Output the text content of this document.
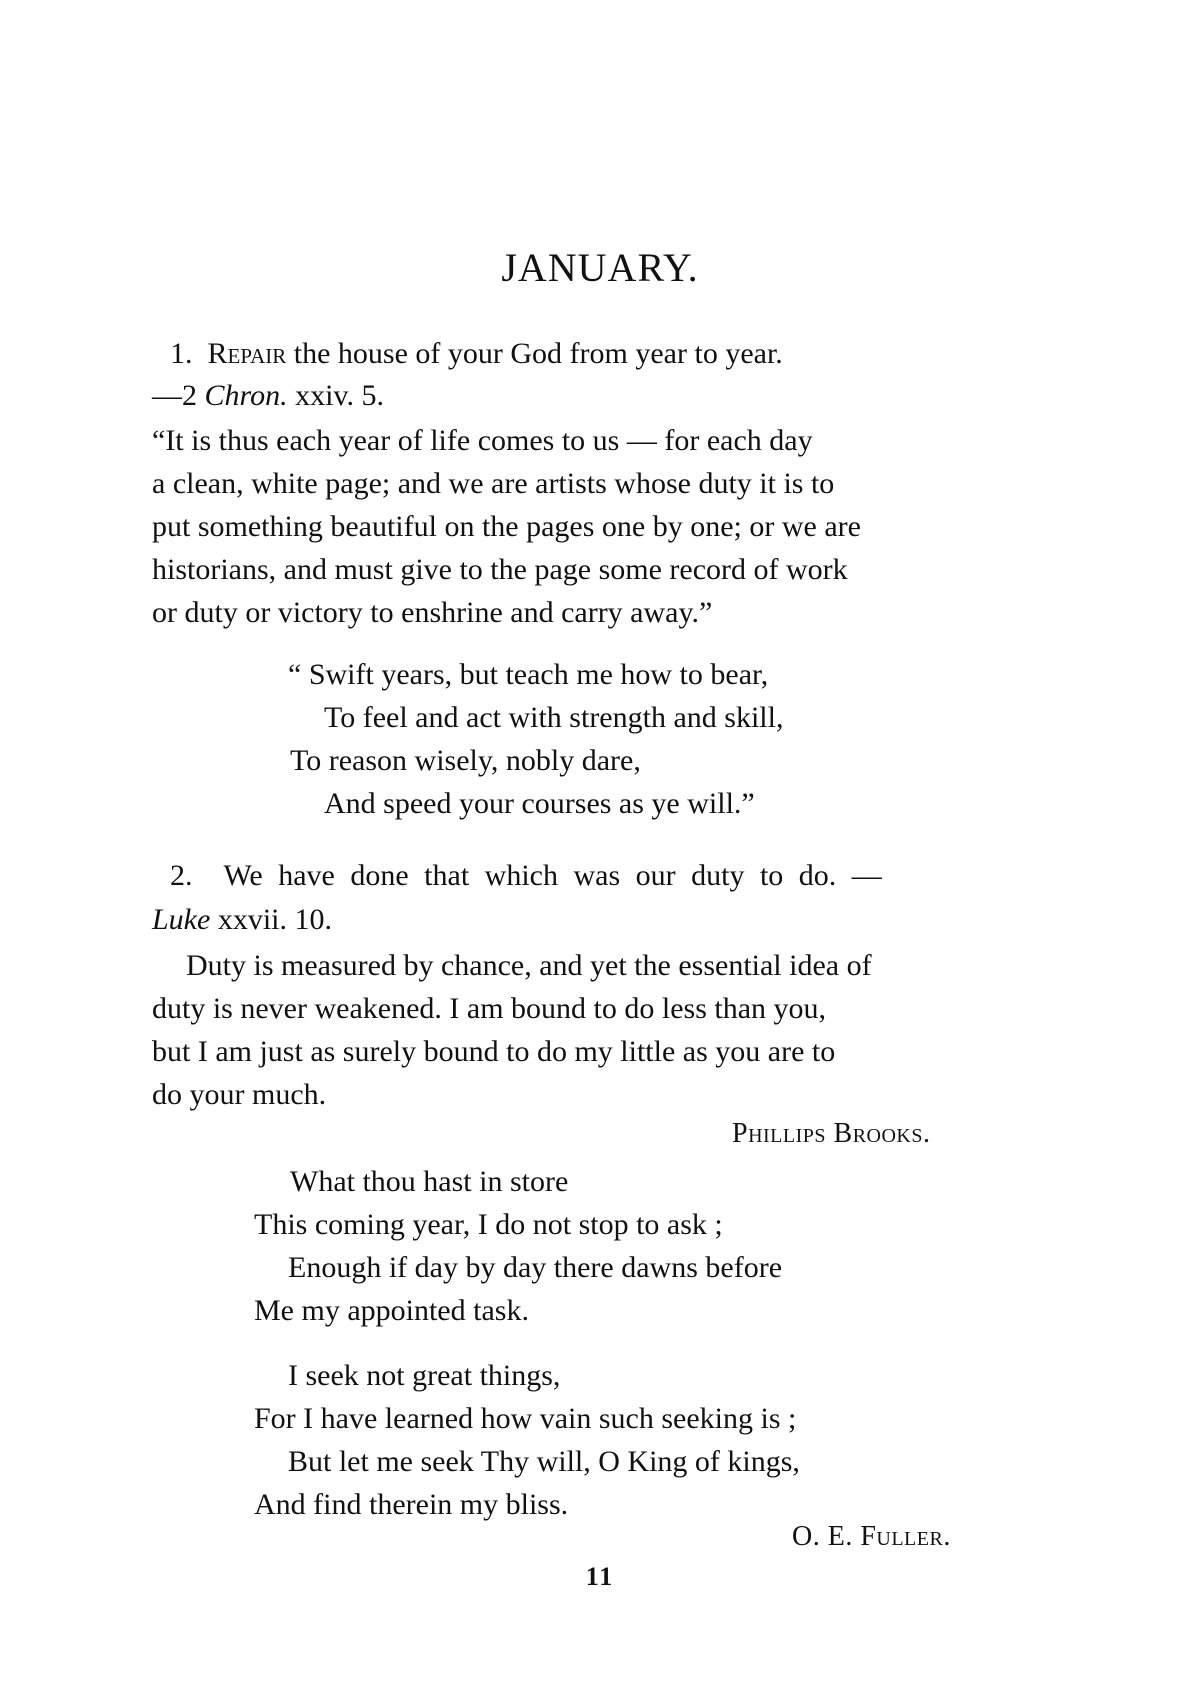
JANUARY.
1. Repair the house of your God from year to year.
—2 Chron. xxiv. 5.
“It is thus each year of life comes to us — for each day
a clean, white page; and we are artists whose duty it is to
put something beautiful on the pages one by one; or we are
historians, and must give to the page some record of work
or duty or victory to enshrine and carry away.”
“ Swift years, but teach me how to bear,
To feel and act with strength and skill,
To reason wisely, nobly dare,
And speed your courses as ye will.”
2. We have done that which was our duty to do. —
Luke xxvii. 10.
Duty is measured by chance, and yet the essential idea of
duty is never weakened. I am bound to do less than you,
but I am just as surely bound to do my little as you are to
do your much.
Phillips Brooks.
What thou hast in store
This coming year, I do not stop to ask ;
Enough if day by day there dawns before
Me my appointed task.
I seek not great things,
For I have learned how vain such seeking is ;
But let me seek Thy will, O King of kings,
And find therein my bliss.
O. E. Fuller.
11
